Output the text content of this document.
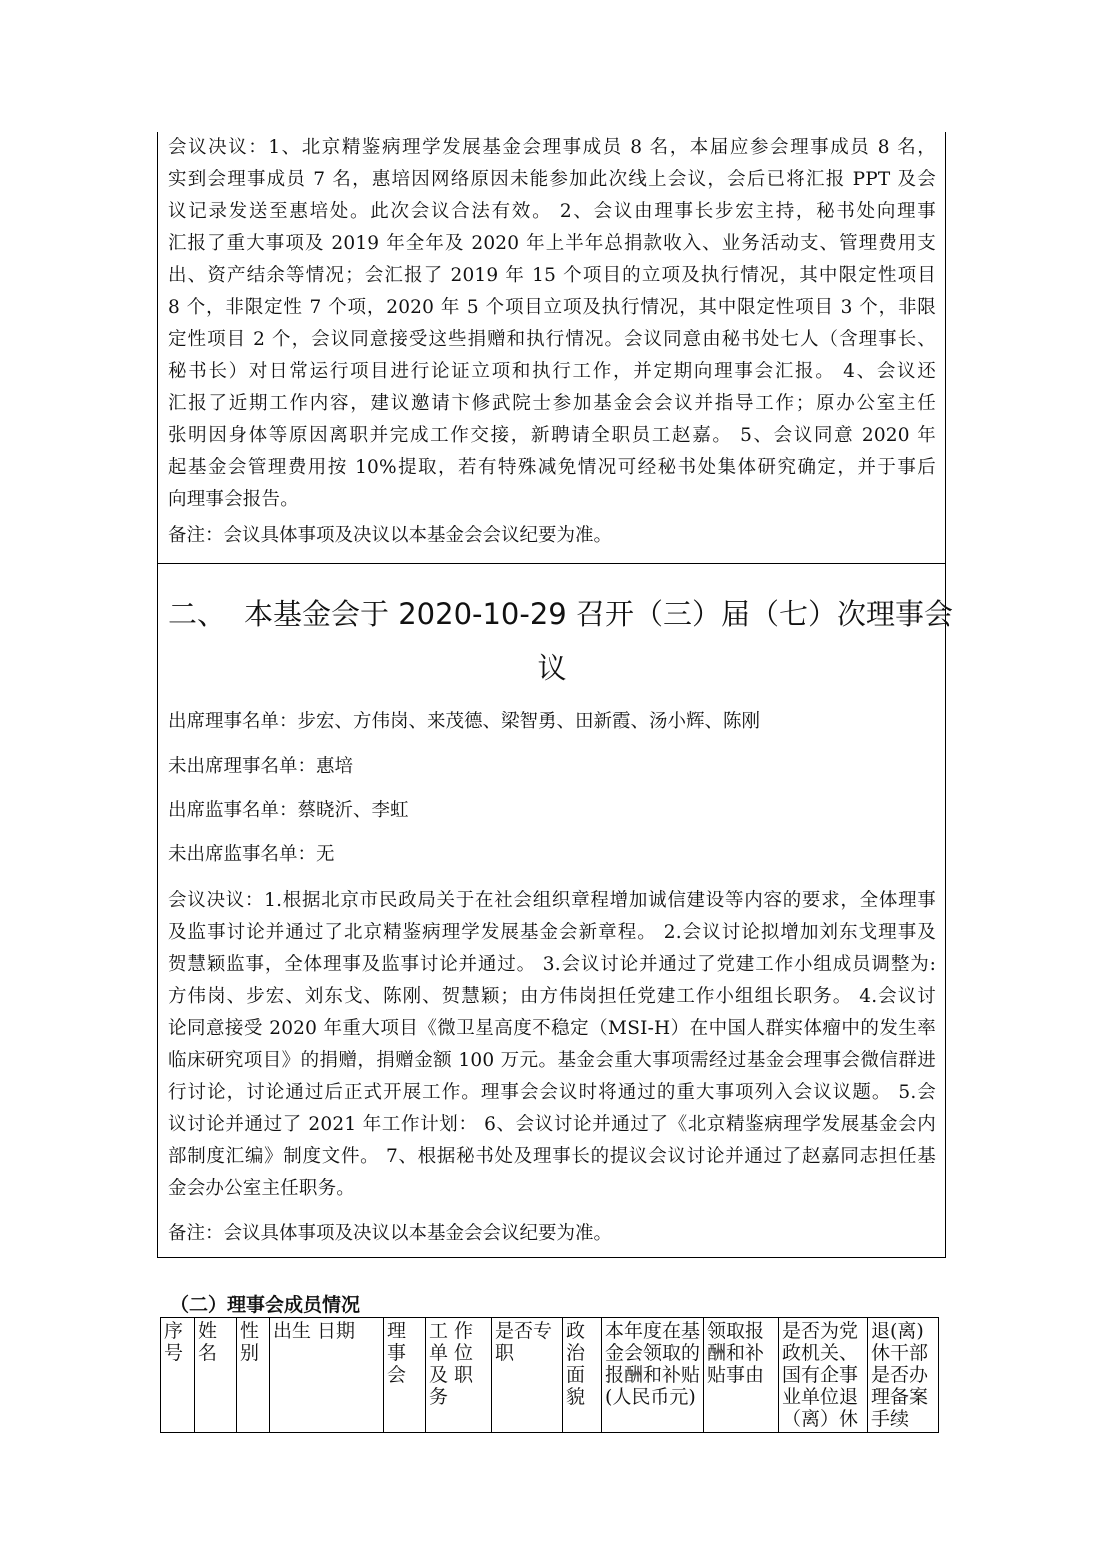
会议决议：1、北京精鉴病理学发展基金会理事成员 8 名，本届应参会理事成员 8 名，
实到会理事成员 7 名，惠培因网络原因未能参加此次线上会议，会后已将汇报 PPT 及会
议记录发送至惠培处。此次会议合法有效。 2、会议由理事长步宏主持，秘书处向理事
汇报了重大事项及 2019 年全年及 2020 年上半年总捐款收入、业务活动支、管理费用支
出、资产结余等情况；会汇报了 2019 年 15 个项目的立项及执行情况，其中限定性项目
8 个，非限定性 7 个项，2020 年 5 个项目立项及执行情况，其中限定性项目 3 个，非限
定性项目 2 个，会议同意接受这些捐赠和执行情况。会议同意由秘书处七人（含理事长、
秘书长）对日常运行项目进行论证立项和执行工作，并定期向理事会汇报。 4、会议还
汇报了近期工作内容，建议邀请卞修武院士参加基金会会议并指导工作；原办公室主任
张明因身体等原因离职并完成工作交接，新聘请全职员工赵嘉。 5、会议同意 2020 年
起基金会管理费用按 10%提取，若有特殊减免情况可经秘书处集体研究确定，并于事后
向理事会报告。
备注：会议具体事项及决议以本基金会会议纪要为准。
二、 本基金会于 2020-10-29 召开（三）届（七）次理事会
议
出席理事名单：步宏、方伟岗、来茂德、梁智勇、田新霞、汤小辉、陈刚
未出席理事名单：惠培
出席监事名单：蔡晓沂、李虹
未出席监事名单：无
会议决议：1.根据北京市民政局关于在社会组织章程增加诚信建设等内容的要求，全体理事
及监事讨论并通过了北京精鉴病理学发展基金会新章程。 2.会议讨论拟增加刘东戈理事及
贺慧颖监事，全体理事及监事讨论并通过。 3.会议讨论并通过了党建工作小组成员调整为:
方伟岗、步宏、刘东戈、陈刚、贺慧颖；由方伟岗担任党建工作小组组长职务。 4.会议讨
论同意接受 2020 年重大项目《微卫星高度不稳定（MSI-H）在中国人群实体瘤中的发生率
临床研究项目》的捐赠，捐赠金额 100 万元。基金会重大事项需经过基金会理事会微信群进
行讨论，讨论通过后正式开展工作。理事会会议时将通过的重大事项列入会议议题。 5.会
议讨论并通过了 2021 年工作计划： 6、会议讨论并通过了《北京精鉴病理学发展基金会内
部制度汇编》制度文件。 7、根据秘书处及理事长的提议会议讨论并通过了赵嘉同志担任基
金会办公室主任职务。
备注：会议具体事项及决议以本基金会会议纪要为准。
（二）理事会成员情况
序号	姓名	性别	出生 日期	理事会	工 作单 位及 职务	是否专职	政治面貌	本年度在基金会领取的报酬和补贴(人民币元)	领取报酬和补贴事由	是否为党政机关、国有企事业单位退（离）休	退(离)休干部是否办理备案手续
